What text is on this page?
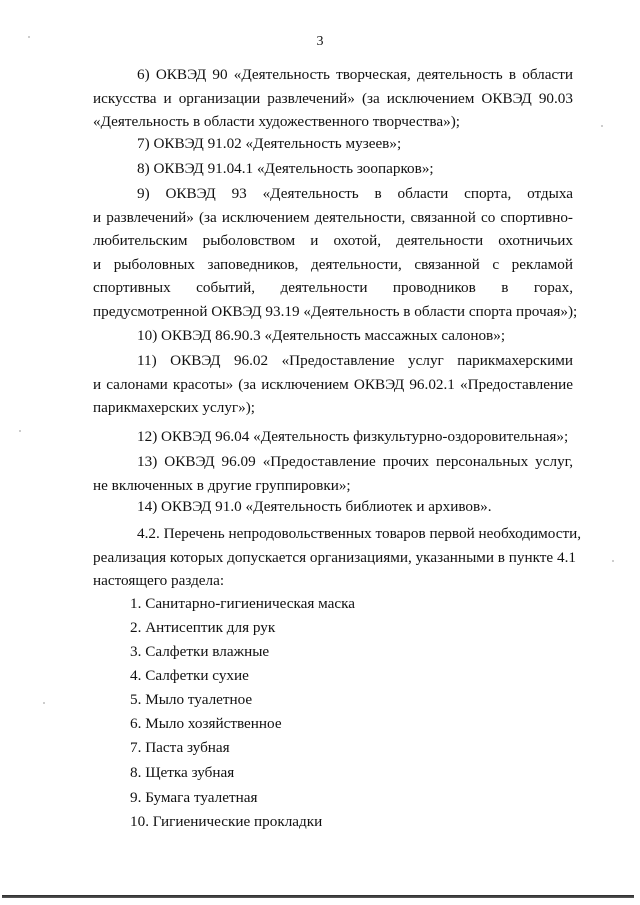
3
6) ОКВЭД 90 «Деятельность творческая, деятельность в области
искусства и организации развлечений» (за исключением ОКВЭД 90.03
«Деятельность в области художественного творчества»);
7) ОКВЭД 91.02 «Деятельность музеев»;
8) ОКВЭД 91.04.1 «Деятельность зоопарков»;
9) ОКВЭД 93 «Деятельность в области спорта, отдыха
и развлечений» (за исключением деятельности, связанной со спортивно-
любительским рыболовством и охотой, деятельности охотничьих
и рыболовных заповедников, деятельности, связанной с рекламой
спортивных событий, деятельности проводников в горах,
предусмотренной ОКВЭД 93.19 «Деятельность в области спорта прочая»);
10) ОКВЭД 86.90.3 «Деятельность массажных салонов»;
11) ОКВЭД 96.02 «Предоставление услуг парикмахерскими
и салонами красоты» (за исключением ОКВЭД 96.02.1 «Предоставление
парикмахерских услуг»);
12) ОКВЭД 96.04 «Деятельность физкультурно-оздоровительная»;
13) ОКВЭД 96.09 «Предоставление прочих персональных услуг,
не включенных в другие группировки»;
14) ОКВЭД 91.0 «Деятельность библиотек и архивов».
4.2. Перечень непродовольственных товаров первой необходимости,
реализация которых допускается организациями, указанными в пункте 4.1
настоящего раздела:
1. Санитарно-гигиеническая маска
2. Антисептик для рук
3. Салфетки влажные
4. Салфетки сухие
5. Мыло туалетное
6. Мыло хозяйственное
7. Паста зубная
8. Щетка зубная
9. Бумага туалетная
10. Гигиенические прокладки
